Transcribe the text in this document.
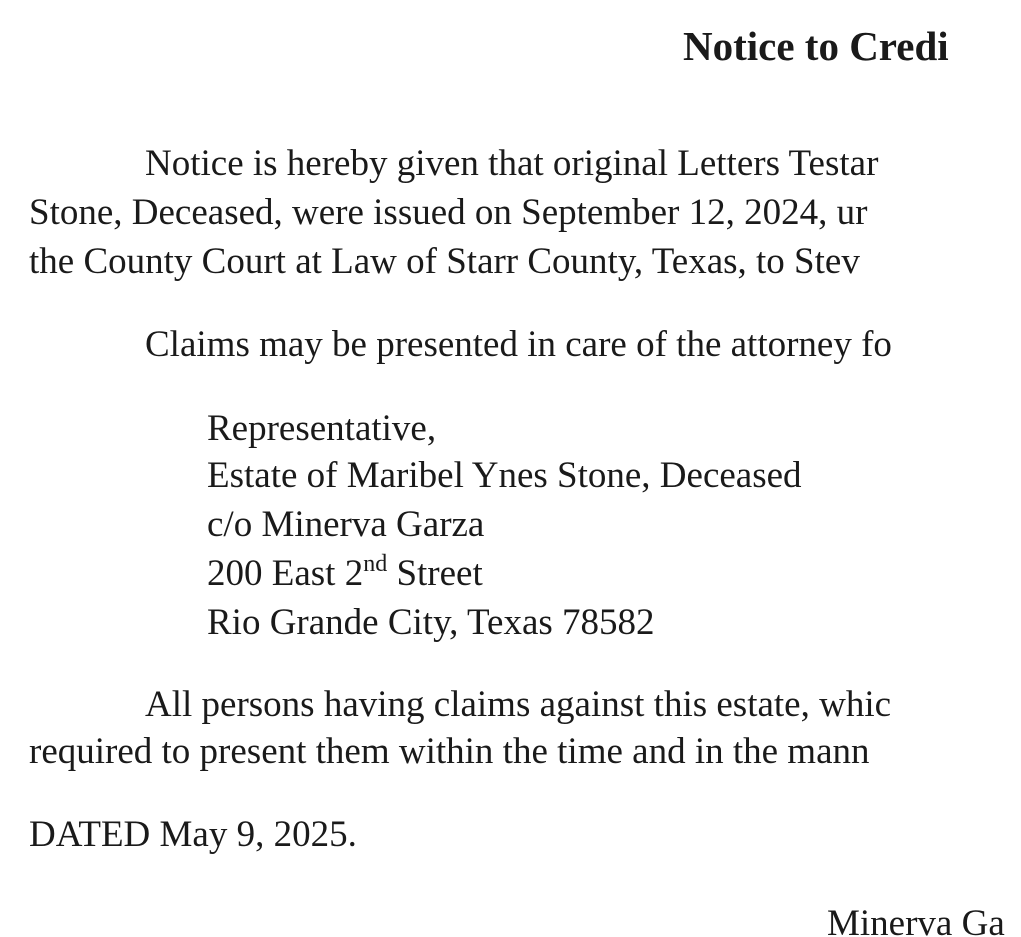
Notice to Credi
Notice is hereby given that original Letters Testar
Stone, Deceased, were issued on September 12, 2024, ur
the County Court at Law of Starr County, Texas, to Stev
Claims may be presented in care of the attorney fo
Representative,
Estate of Maribel Ynes Stone, Deceased
c/o Minerva Garza
200 East 2nd Street
Rio Grande City, Texas 78582
All persons having claims against this estate, whic
required to present them within the time and in the mann
DATED May 9, 2025.
Minerva Ga
